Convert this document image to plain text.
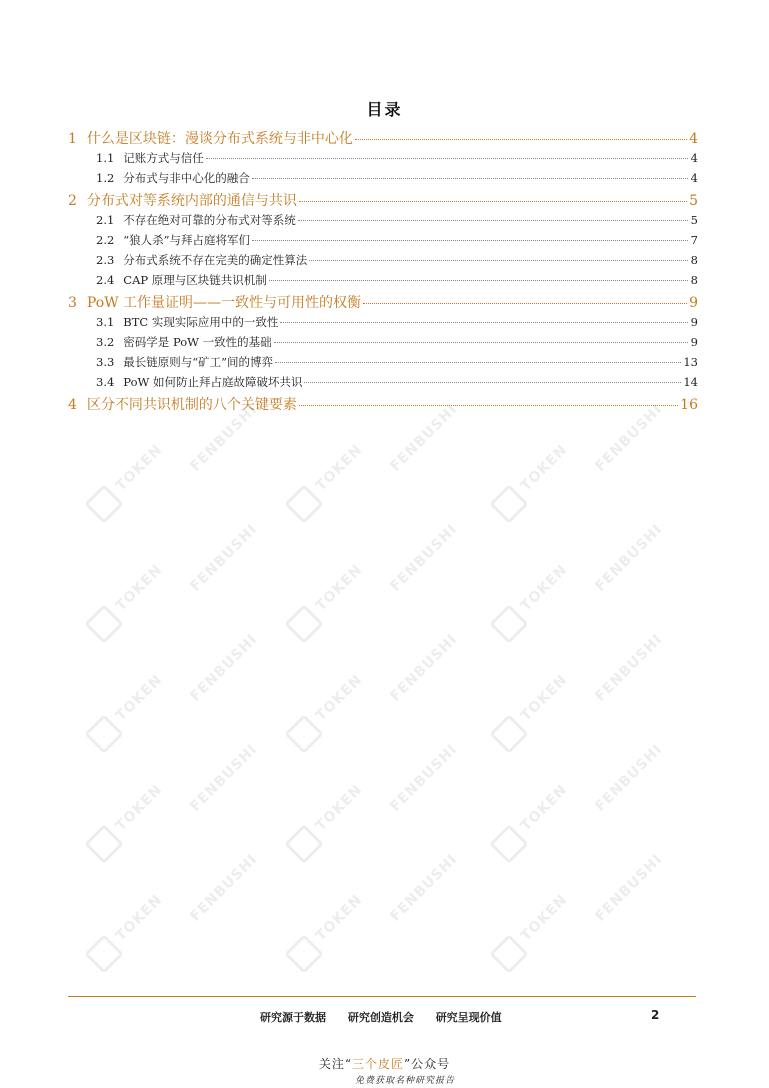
TOKEN FENBUSHI	TOKEN FENBUSHI	TOKEN FENBUSHI
TOKEN FENBUSHI	TOKEN FENBUSHI	TOKEN FENBUSHI
TOKEN FENBUSHI	TOKEN FENBUSHI	TOKEN FENBUSHI
TOKEN FENBUSHI	TOKEN FENBUSHI	TOKEN FENBUSHI
TOKEN FENBUSHI	TOKEN FENBUSHI	TOKEN FENBUSHI
目录
1 什么是区块链：漫谈分布式系统与非中心化	4
1.1 记账方式与信任	4
1.2 分布式与非中心化的融合	4
2 分布式对等系统内部的通信与共识	5
2.1 不存在绝对可靠的分布式对等系统	5
2.2 “狼人杀”与拜占庭将军们	7
2.3 分布式系统不存在完美的确定性算法	8
2.4 CAP 原理与区块链共识机制	8
3 PoW 工作量证明——一致性与可用性的权衡	9
3.1 BTC 实现实际应用中的一致性	9
3.2 密码学是 PoW 一致性的基础	9
3.3 最长链原则与“矿工”间的博弈	13
3.4 PoW 如何防止拜占庭故障破坏共识	14
4 区分不同共识机制的八个关键要素	16
研究源于数据 研究创造机会 研究呈现价值	2
关注“三个皮匠”公众号
免费获取名种研究报告
